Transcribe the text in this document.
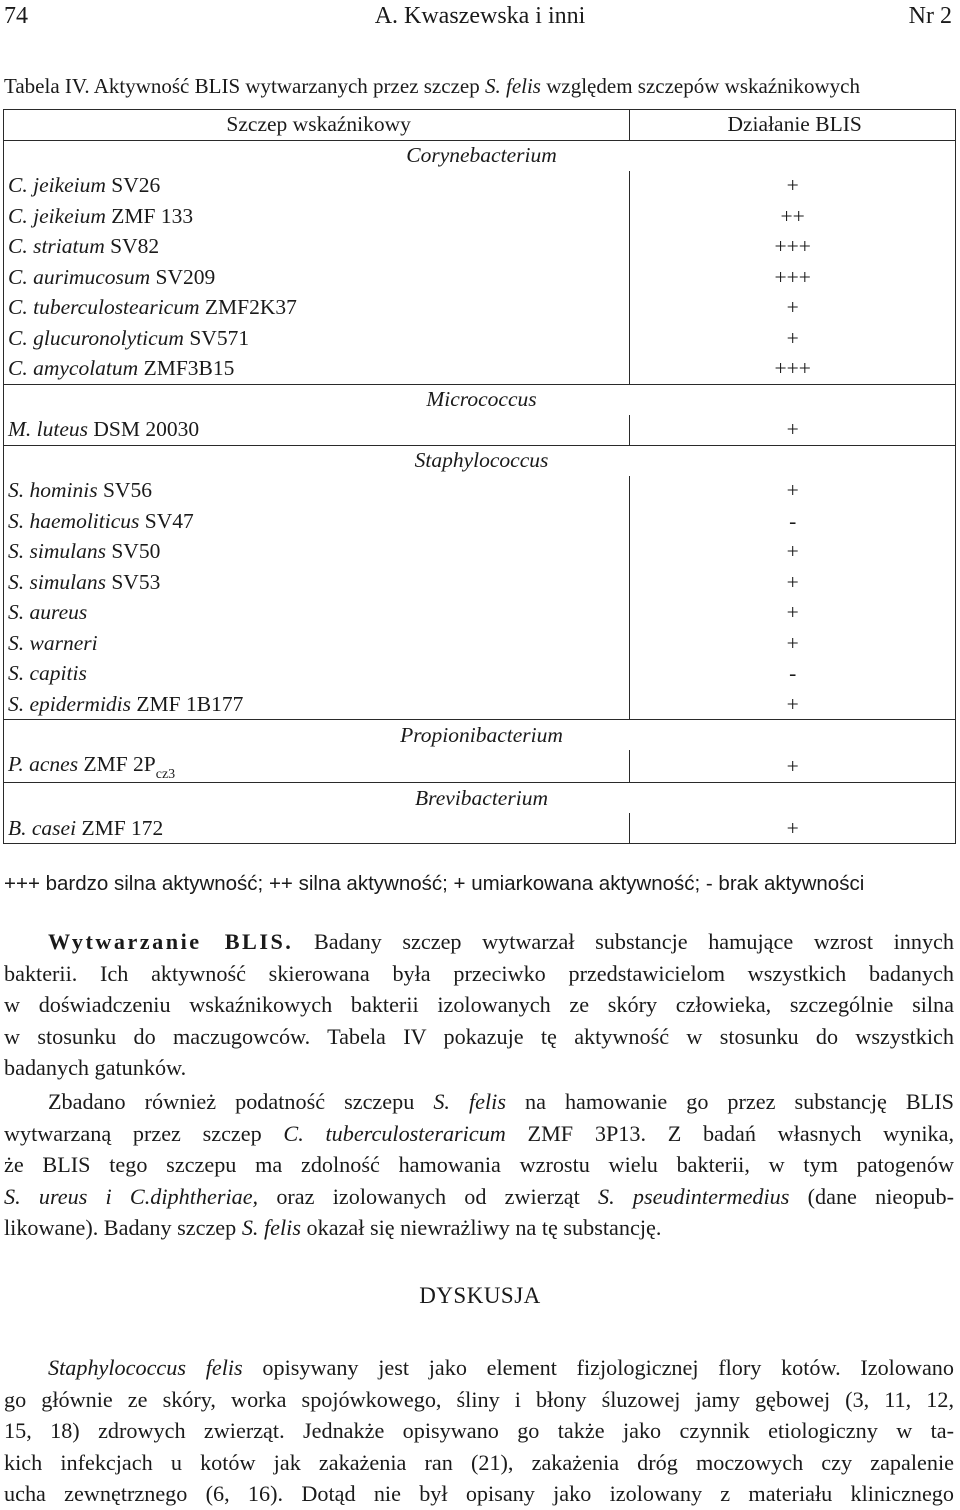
74	A. Kwaszewska i inni	Nr 2
Tabela IV. Aktywność BLIS wytwarzanych przez szczep S. felis względem szczepów wskaźnikowych
Szczep wskaźnikowy	Działanie BLIS
Corynebacterium	
C. jeikeium SV26	+
C. jeikeium ZMF 133	++
C. striatum SV82	+++
C. aurimucosum SV209	+++
C. tuberculostearicum ZMF2K37	+
C. glucuronolyticum SV571	+
C. amycolatum ZMF3B15	+++
Micrococcus	
M. luteus DSM 20030	+
Staphylococcus	
S. hominis SV56	+
S. haemoliticus SV47	-
S. simulans SV50	+
S. simulans SV53	+
S. aureus	+
S. warneri	+
S. capitis	-
S. epidermidis ZMF 1B177	+
Propionibacterium	
P. acnes ZMF $2P_{cz3}$	+
Brevibacterium	
B. casei ZMF 172	+
+++ bardzo silna aktywność; ++ silna aktywność; + umiarkowana aktywność; - brak aktywności
Wytwarzanie BLIS. Badany szczep wytwarzał substancje hamujące wzrost innych
bakterii. Ich aktywność skierowana była przeciwko przedstawicielom wszystkich badanych
w doświadczeniu wskaźnikowych bakterii izolowanych ze skóry człowieka, szczególnie silna
w stosunku do maczugowców. Tabela IV pokazuje tę aktywność w stosunku do wszystkich
badanych gatunków.
Zbadano również podatność szczepu S. felis na hamowanie go przez substancję BLIS
wytwarzaną przez szczep C. tuberculosteraricum ZMF 3P13. Z badań własnych wynika,
że BLIS tego szczepu ma zdolność hamowania wzrostu wielu bakterii, w tym patogenów
S. ureus i C.diphtheriae, oraz izolowanych od zwierząt S. pseudintermedius (dane nieopub-
likowane). Badany szczep S. felis okazał się niewrażliwy na tę substancję.
DYSKUSJA
Staphylococcus felis opisywany jest jako element fizjologicznej flory kotów. Izolowano
go głównie ze skóry, worka spojówkowego, śliny i błony śluzowej jamy gębowej (3, 11, 12,
15, 18) zdrowych zwierząt. Jednakże opisywano go także jako czynnik etiologiczny w ta-
kich infekcjach u kotów jak zakażenia ran (21), zakażenia dróg moczowych czy zapalenie
ucha zewnętrznego (6, 16). Dotąd nie był opisany jako izolowany z materiału klinicznego
